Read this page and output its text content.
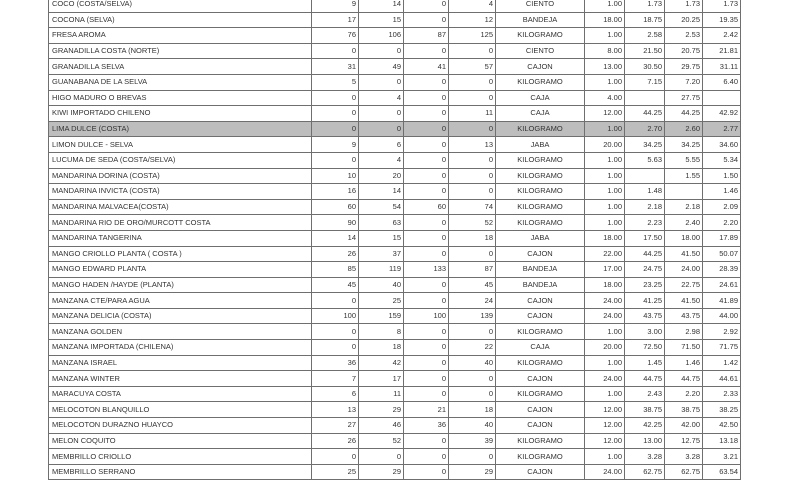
COCO (COSTA/SELVA)	9	14	0	4	CIENTO	1.00	1.73	1.73	1.73
COCONA (SELVA)	17	15	0	12	BANDEJA	18.00	18.75	20.25	19.35
FRESA AROMA	76	106	87	125	KILOGRAMO	1.00	2.58	2.53	2.42
GRANADILLA COSTA (NORTE)	0	0	0	0	CIENTO	8.00	21.50	20.75	21.81
GRANADILLA SELVA	31	49	41	57	CAJON	13.00	30.50	29.75	31.11
GUANABANA DE LA SELVA	5	0	0	0	KILOGRAMO	1.00	7.15	7.20	6.40
HIGO MADURO O BREVAS	0	4	0	0	CAJA	4.00		27.75	
KIWI IMPORTADO CHILENO	0	0	0	11	CAJA	12.00	44.25	44.25	42.92
LIMA DULCE (COSTA)	0	0	0	0	KILOGRAMO	1.00	2.70	2.60	2.77
LIMON DULCE - SELVA	9	6	0	13	JABA	20.00	34.25	34.25	34.60
LUCUMA DE SEDA (COSTA/SELVA)	0	4	0	0	KILOGRAMO	1.00	5.63	5.55	5.34
MANDARINA DORINA (COSTA)	10	20	0	0	KILOGRAMO	1.00		1.55	1.50
MANDARINA INVICTA (COSTA)	16	14	0	0	KILOGRAMO	1.00	1.48		1.46
MANDARINA MALVACEA(COSTA)	60	54	60	74	KILOGRAMO	1.00	2.18	2.18	2.09
MANDARINA RIO DE ORO/MURCOTT COSTA	90	63	0	52	KILOGRAMO	1.00	2.23	2.40	2.20
MANDARINA TANGERINA	14	15	0	18	JABA	18.00	17.50	18.00	17.89
MANGO CRIOLLO PLANTA ( COSTA )	26	37	0	0	CAJON	22.00	44.25	41.50	50.07
MANGO EDWARD PLANTA	85	119	133	87	BANDEJA	17.00	24.75	24.00	28.39
MANGO HADEN /HAYDE (PLANTA)	45	40	0	45	BANDEJA	18.00	23.25	22.75	24.61
MANZANA CTE/PARA AGUA	0	25	0	24	CAJON	24.00	41.25	41.50	41.89
MANZANA DELICIA (COSTA)	100	159	100	139	CAJON	24.00	43.75	43.75	44.00
MANZANA GOLDEN	0	8	0	0	KILOGRAMO	1.00	3.00	2.98	2.92
MANZANA IMPORTADA (CHILENA)	0	18	0	22	CAJA	20.00	72.50	71.50	71.75
MANZANA ISRAEL	36	42	0	40	KILOGRAMO	1.00	1.45	1.46	1.42
MANZANA WINTER	7	17	0	0	CAJON	24.00	44.75	44.75	44.61
MARACUYA COSTA	6	11	0	0	KILOGRAMO	1.00	2.43	2.20	2.33
MELOCOTON BLANQUILLO	13	29	21	18	CAJON	12.00	38.75	38.75	38.25
MELOCOTON DURAZNO HUAYCO	27	46	36	40	CAJON	12.00	42.25	42.00	42.50
MELON COQUITO	26	52	0	39	KILOGRAMO	12.00	13.00	12.75	13.18
MEMBRILLO CRIOLLO	0	0	0	0	KILOGRAMO	1.00	3.28	3.28	3.21
MEMBRILLO SERRANO	25	29	0	29	CAJON	24.00	62.75	62.75	63.54
